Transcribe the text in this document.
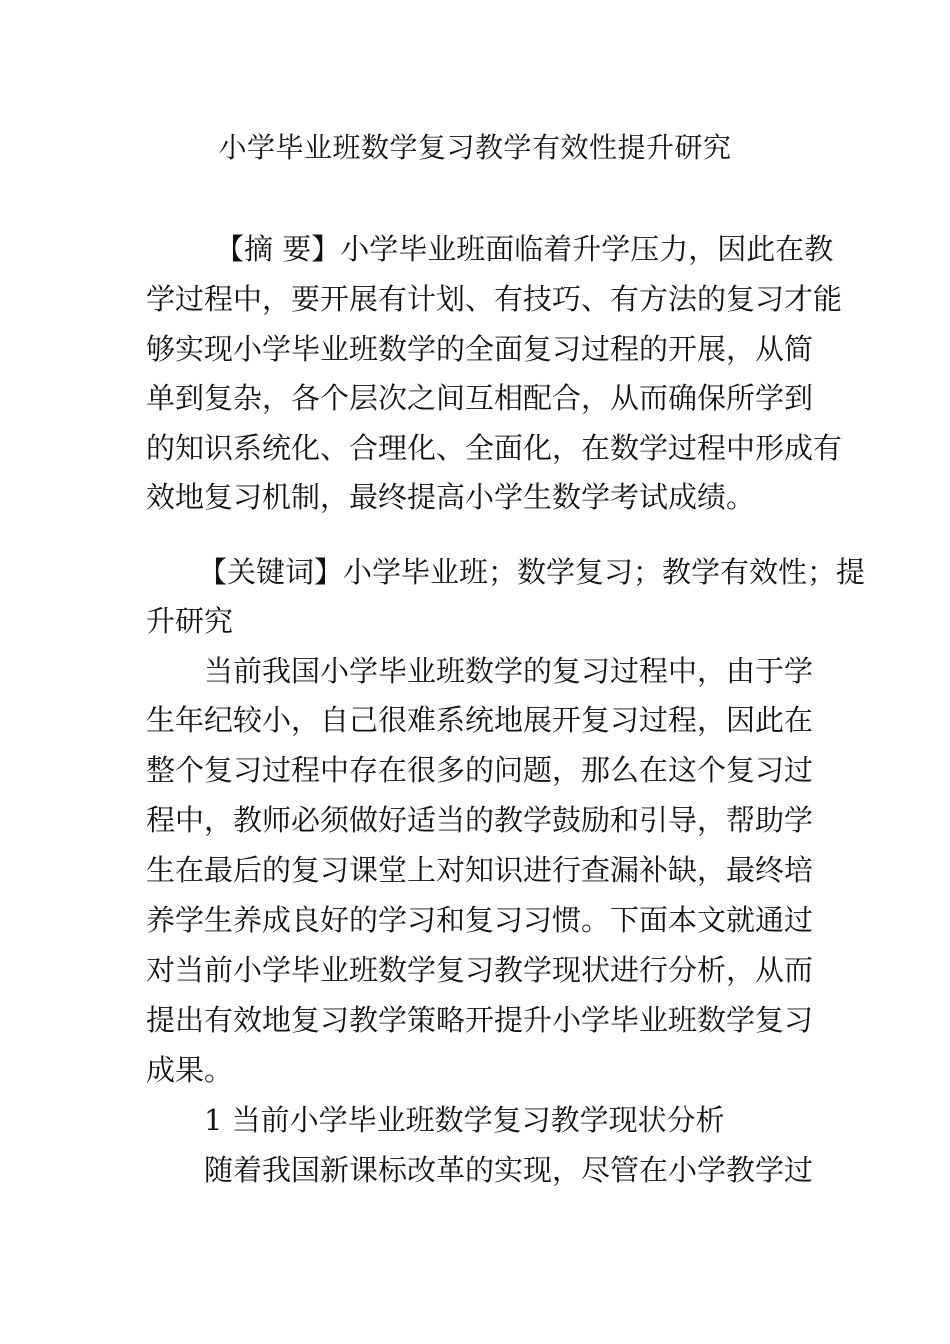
小学毕业班数学复习教学有效性提升研究
【摘 要】小学毕业班面临着升学压力，因此在教
学过程中，要开展有计划、有技巧、有方法的复习才能
够实现小学毕业班数学的全面复习过程的开展，从简
单到复杂，各个层次之间互相配合，从而确保所学到
的知识系统化、合理化、全面化，在数学过程中形成有
效地复习机制，最终提高小学生数学考试成绩。
【关键词】小学毕业班；数学复习；教学有效性；提
升研究
当前我国小学毕业班数学的复习过程中，由于学
生年纪较小，自己很难系统地展开复习过程，因此在
整个复习过程中存在很多的问题，那么在这个复习过
程中，教师必须做好适当的教学鼓励和引导，帮助学
生在最后的复习课堂上对知识进行查漏补缺，最终培
养学生养成良好的学习和复习习惯。下面本文就通过
对当前小学毕业班数学复习教学现状进行分析，从而
提出有效地复习教学策略开提升小学毕业班数学复习
成果。
1 当前小学毕业班数学复习教学现状分析
随着我国新课标改革的实现，尽管在小学教学过
